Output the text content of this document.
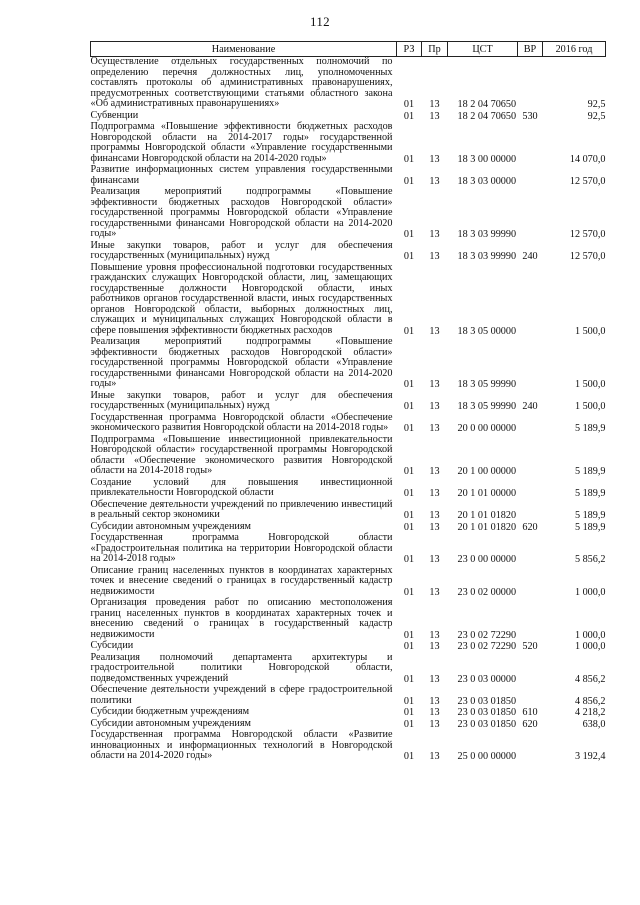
112
Наименование	РЗ	Пр	ЦСТ	ВР	2016 год
Осуществление отдельных государственных полномочий по определению перечня должностных лиц, уполномоченных составлять протоколы об административных правонарушениях, предусмотренных соответствующими статьями областного закона «Об административных правонарушениях»	01	13	18 2 04 70650		92,5
Субвенции	01	13	18 2 04 70650	530	92,5
Подпрограмма «Повышение эффективности бюджетных расходов Новгородской области на 2014-2017 годы» государственной программы Новгородской области «Управление государственными финансами Новгородской области на 2014-2020 годы»	01	13	18 3 00 00000		14 070,0
Развитие информационных систем управления государственными финансами	01	13	18 3 03 00000		12 570,0
Реализация мероприятий подпрограммы «Повышение эффективности бюджетных расходов Новгородской области» государственной программы Новгородской области «Управление государственными финансами Новгородской области на 2014-2020 годы»	01	13	18 3 03 99990		12 570,0
Иные закупки товаров, работ и услуг для обеспечения государственных (муниципальных) нужд	01	13	18 3 03 99990	240	12 570,0
Повышение уровня профессиональной подготовки государственных гражданских служащих Новгородской области, лиц, замещающих государственные должности Новгородской области, иных работников органов государственной власти, иных государственных органов Новгородской области, выборных должностных лиц, служащих и муниципальных служащих Новгородской области в сфере повышения эффективности бюджетных расходов	01	13	18 3 05 00000		1 500,0
Реализация мероприятий подпрограммы «Повышение эффективности бюджетных расходов Новгородской области» государственной программы Новгородской области «Управление государственными финансами Новгородской области на 2014-2020 годы»	01	13	18 3 05 99990		1 500,0
Иные закупки товаров, работ и услуг для обеспечения государственных (муниципальных) нужд	01	13	18 3 05 99990	240	1 500,0
Государственная программа Новгородской области «Обеспечение экономического развития Новгородской области на 2014-2018 годы»	01	13	20 0 00 00000		5 189,9
Подпрограмма «Повышение инвестиционной привлекательности Новгородской области» государственной программы Новгородской области «Обеспечение экономического развития Новгородской области на 2014-2018 годы»	01	13	20 1 00 00000		5 189,9
Создание условий для повышения инвестиционной привлекательности Новгородской области	01	13	20 1 01 00000		5 189,9
Обеспечение деятельности учреждений по привлечению инвестиций в реальный сектор экономики	01	13	20 1 01 01820		5 189,9
Субсидии автономным учреждениям	01	13	20 1 01 01820	620	5 189,9
Государственная программа Новгородской области «Градостроительная политика на территории Новгородской области на 2014-2018 годы»	01	13	23 0 00 00000		5 856,2
Описание границ населенных пунктов в координатах характерных точек и внесение сведений о границах в государственный кадастр недвижимости	01	13	23 0 02 00000		1 000,0
Организация проведения работ по описанию местоположения границ населенных пунктов в координатах характерных точек и внесению сведений о границах в государственный кадастр недвижимости	01	13	23 0 02 72290		1 000,0
Субсидии	01	13	23 0 02 72290	520	1 000,0
Реализация полномочий департамента архитектуры и градостроительной политики Новгородской области, подведомственных учреждений	01	13	23 0 03 00000		4 856,2
Обеспечение деятельности учреждений в сфере градостроительной политики	01	13	23 0 03 01850		4 856,2
Субсидии бюджетным учреждениям	01	13	23 0 03 01850	610	4 218,2
Субсидии автономным учреждениям	01	13	23 0 03 01850	620	638,0
Государственная программа Новгородской области «Развитие инновационных и информационных технологий в Новгородской области на 2014-2020 годы»	01	13	25 0 00 00000		3 192,4
